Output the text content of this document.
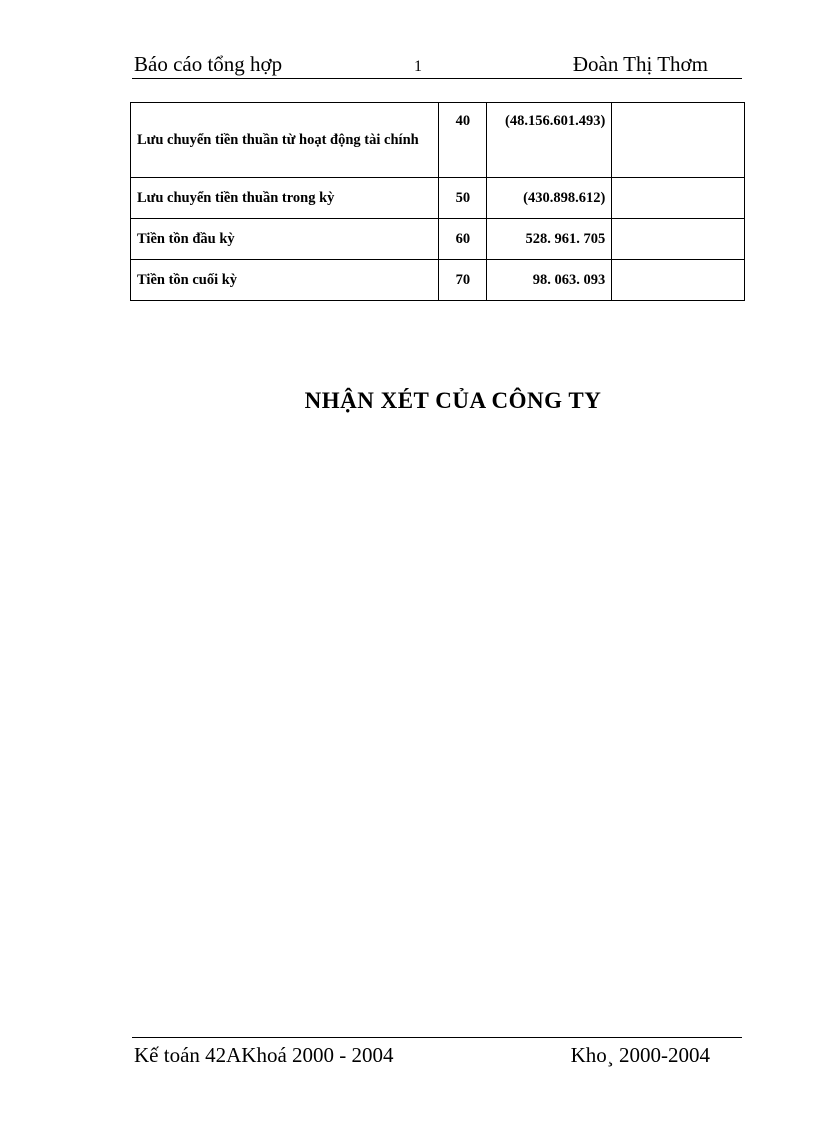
Báo cáo tổng hợp	1	Đoàn Thị Thơm
Lưu chuyển tiền thuần từ hoạt động tài chính	40	(48.156.601.493)	
Lưu chuyển tiền thuần trong kỳ	50	(430.898.612)	
Tiền tồn đầu kỳ	60	528. 961. 705	
Tiền tồn cuối kỳ	70	98. 063. 093	
NHẬN XÉT CỦA CÔNG TY
Kế toán 42AKhoá 2000 - 2004	Kho¸ 2000-2004
